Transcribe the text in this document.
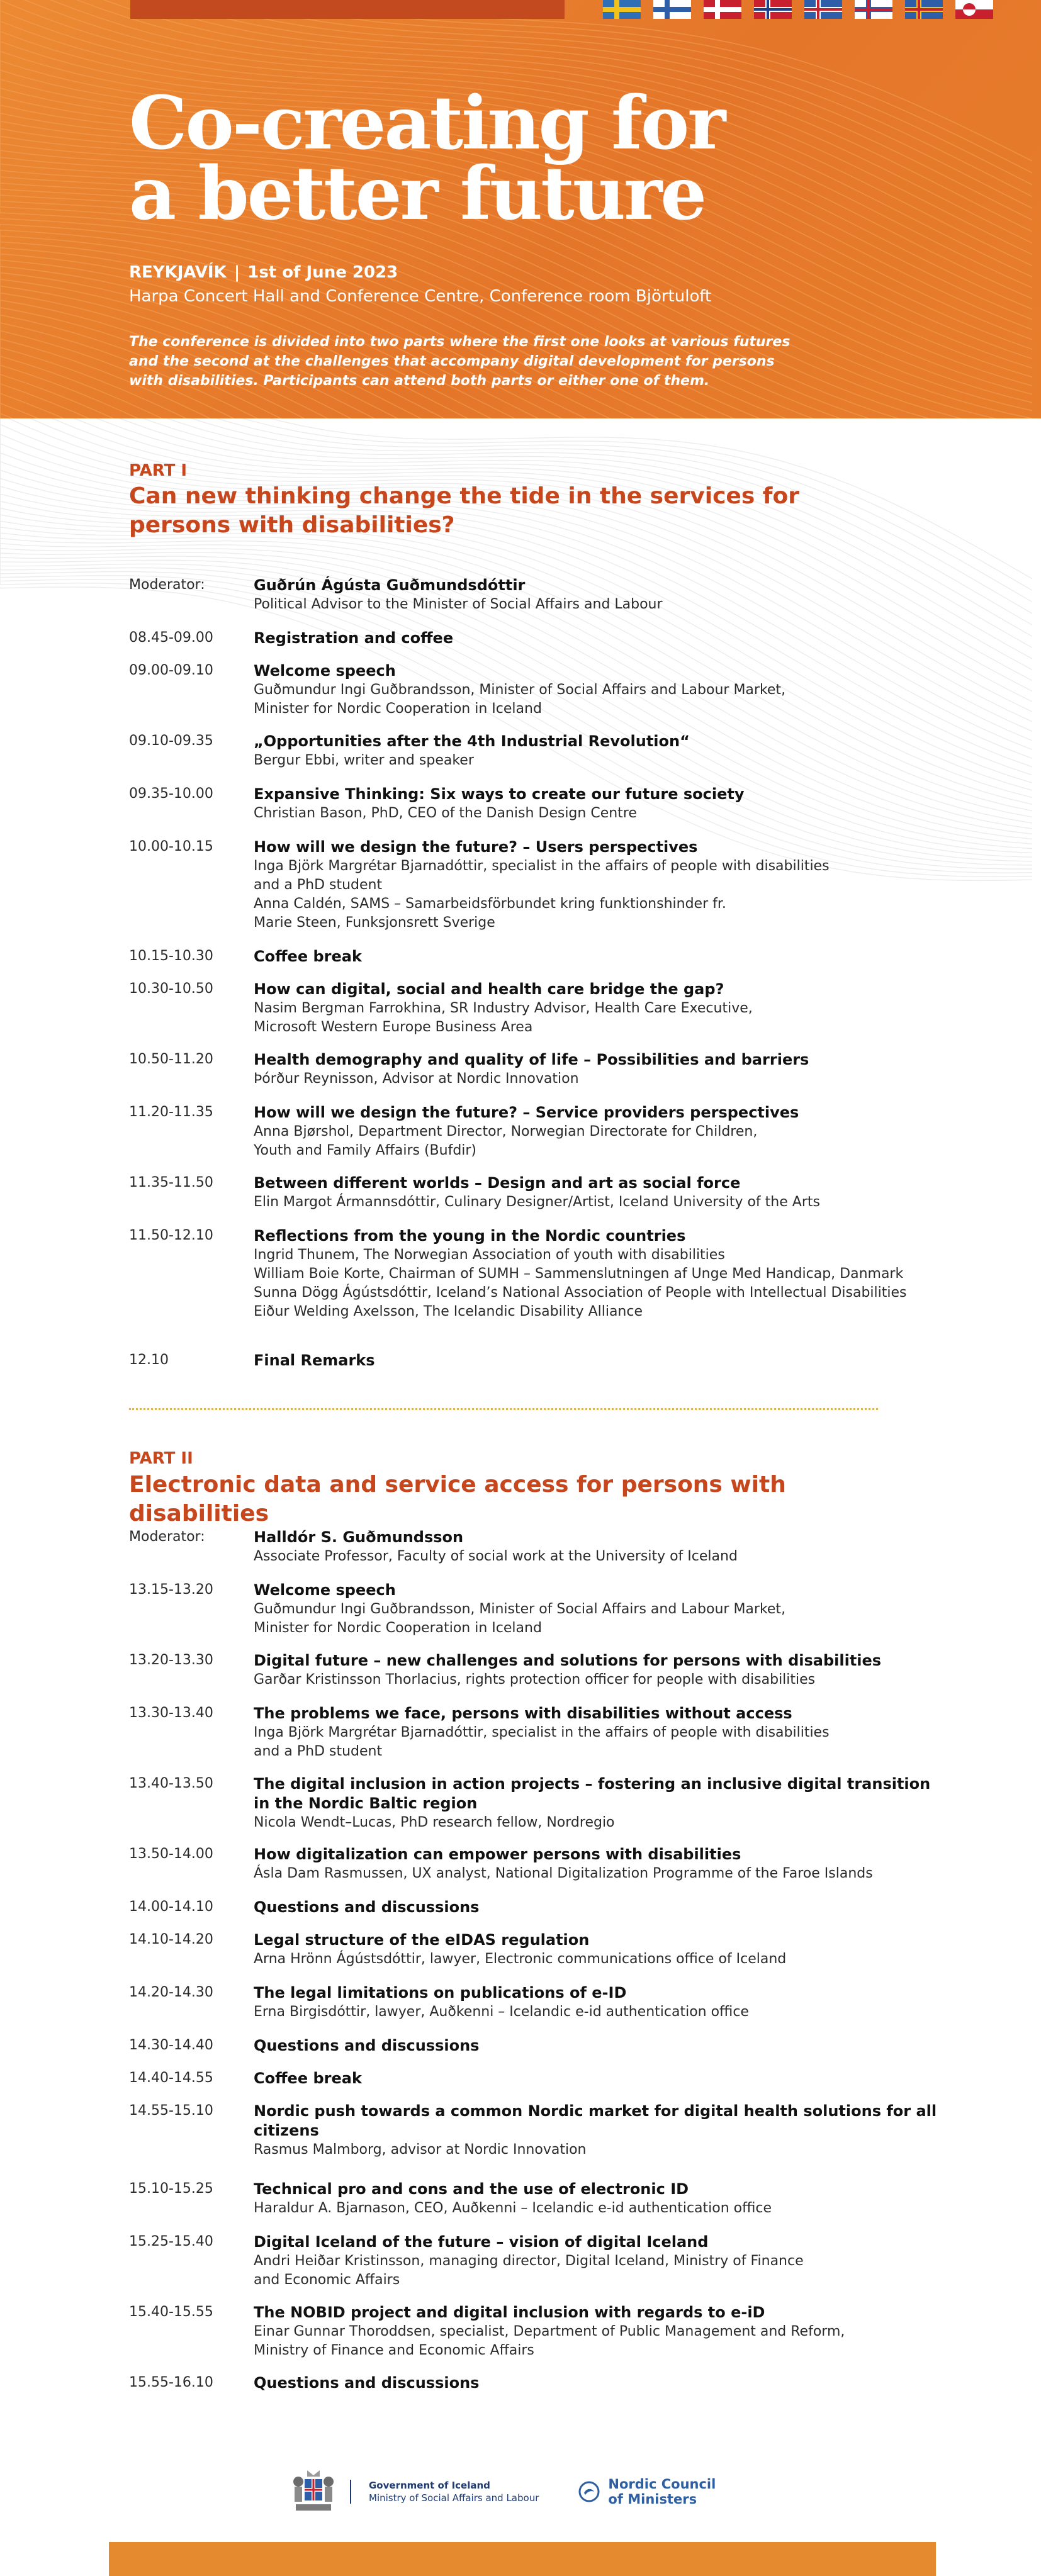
Co-creating for
a better future
REYKJAVÍK | 1st of June 2023
Harpa Concert Hall and Conference Centre, Conference room Björtuloft
The conference is divided into two parts where the first one looks at various futures and the second at the challenges that accompany digital development for persons with disabilities. Participants can attend both parts or either one of them.
PART I
Can new thinking change the tide in the services for persons with disabilities?
Moderator:	Guðrún Ágústa Guðmundsdóttir
Political Advisor to the Minister of Social Affairs and Labour
08.45-09.00	Registration and coffee
09.00-09.10	Welcome speech
Guðmundur Ingi Guðbrandsson, Minister of Social Affairs and Labour Market,
Minister for Nordic Cooperation in Iceland
09.10-09.35	„Opportunities after the 4th Industrial Revolution“
Bergur Ebbi, writer and speaker
09.35-10.00	Expansive Thinking: Six ways to create our future society
Christian Bason, PhD, CEO of the Danish Design Centre
10.00-10.15	How will we design the future? – Users perspectives
Inga Björk Margrétar Bjarnadóttir, specialist in the affairs of people with disabilities
and a PhD student
Anna Caldén, SAMS – Samarbeidsförbundet kring funktionshinder fr.
Marie Steen, Funksjonsrett Sverige
10.15-10.30	Coffee break
10.30-10.50	How can digital, social and health care bridge the gap?
Nasim Bergman Farrokhina, SR Industry Advisor, Health Care Executive,
Microsoft Western Europe Business Area
10.50-11.20	Health demography and quality of life – Possibilities and barriers
Þórður Reynisson, Advisor at Nordic Innovation
11.20-11.35	How will we design the future? – Service providers perspectives
Anna Bjørshol, Department Director, Norwegian Directorate for Children,
Youth and Family Affairs (Bufdir)
11.35-11.50	Between different worlds – Design and art as social force
Elin Margot Ármannsdóttir, Culinary Designer/Artist, Iceland University of the Arts
11.50-12.10	Reflections from the young in the Nordic countries
Ingrid Thunem, The Norwegian Association of youth with disabilities
William Boie Korte, Chairman of SUMH – Sammenslutningen af Unge Med Handicap, Danmark
Sunna Dögg Ágústsdóttir, Iceland’s National Association of People with Intellectual Disabilities
Eiður Welding Axelsson, The Icelandic Disability Alliance
12.10	Final Remarks
PART II
Electronic data and service access for persons with disabilities
Moderator:	Halldór S. Guðmundsson
Associate Professor, Faculty of social work at the University of Iceland
13.15-13.20	Welcome speech
Guðmundur Ingi Guðbrandsson, Minister of Social Affairs and Labour Market,
Minister for Nordic Cooperation in Iceland
13.20-13.30	Digital future – new challenges and solutions for persons with disabilities
Garðar Kristinsson Thorlacius, rights protection officer for people with disabilities
13.30-13.40	The problems we face, persons with disabilities without access
Inga Björk Margrétar Bjarnadóttir, specialist in the affairs of people with disabilities
and a PhD student
13.40-13.50	The digital inclusion in action projects – fostering an inclusive digital transition in the Nordic Baltic region
Nicola Wendt–Lucas, PhD research fellow, Nordregio
13.50-14.00	How digitalization can empower persons with disabilities
Ásla Dam Rasmussen, UX analyst, National Digitalization Programme of the Faroe Islands
14.00-14.10	Questions and discussions
14.10-14.20	Legal structure of the eIDAS regulation
Arna Hrönn Ágústsdóttir, lawyer, Electronic communications office of Iceland
14.20-14.30	The legal limitations on publications of e-ID
Erna Birgisdóttir, lawyer, Auðkenni – Icelandic e-id authentication office
14.30-14.40	Questions and discussions
14.40-14.55	Coffee break
14.55-15.10	Nordic push towards a common Nordic market for digital health solutions for all citizens
Rasmus Malmborg, advisor at Nordic Innovation
15.10-15.25	Technical pro and cons and the use of electronic ID
Haraldur A. Bjarnason, CEO, Auðkenni – Icelandic e-id authentication office
15.25-15.40	Digital Iceland of the future – vision of digital Iceland
Andri Heiðar Kristinsson, managing director, Digital Iceland, Ministry of Finance
and Economic Affairs
15.40-15.55	The NOBID project and digital inclusion with regards to e-iD
Einar Gunnar Thoroddsen, specialist, Department of Public Management and Reform,
Ministry of Finance and Economic Affairs
15.55-16.10	Questions and discussions
Government of Iceland
Ministry of Social Affairs and Labour
Nordic Council
of Ministers
